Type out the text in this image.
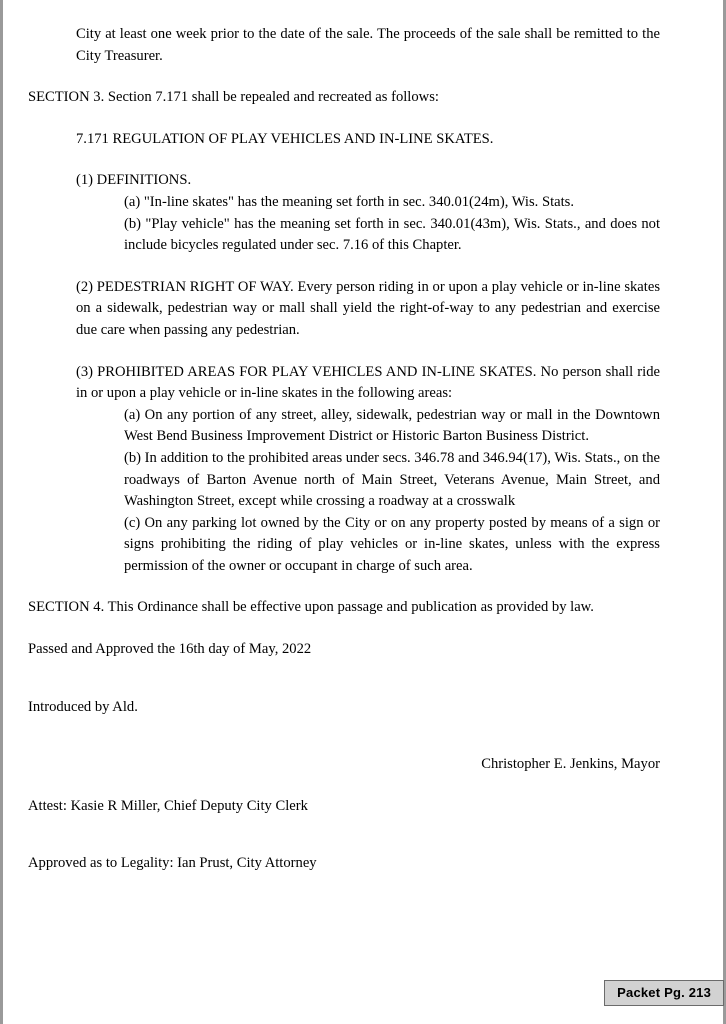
City at least one week prior to the date of the sale. The proceeds of the sale shall be remitted to the City Treasurer.

SECTION 3. Section 7.171 shall be repealed and recreated as follows:

7.171 REGULATION OF PLAY VEHICLES AND IN-LINE SKATES.

(1) DEFINITIONS.

(a) "In-line skates" has the meaning set forth in sec. 340.01(24m), Wis. Stats.

(b) "Play vehicle" has the meaning set forth in sec. 340.01(43m), Wis. Stats., and does not include bicycles regulated under sec. 7.16 of this Chapter.

(2) PEDESTRIAN RIGHT OF WAY. Every person riding in or upon a play vehicle or in-line skates on a sidewalk, pedestrian way or mall shall yield the right-of-way to any pedestrian and exercise due care when passing any pedestrian.

(3) PROHIBITED AREAS FOR PLAY VEHICLES AND IN-LINE SKATES. No person shall ride in or upon a play vehicle or in-line skates in the following areas:

(a) On any portion of any street, alley, sidewalk, pedestrian way or mall in the Downtown West Bend Business Improvement District or Historic Barton Business District.

(b) In addition to the prohibited areas under secs. 346.78 and 346.94(17), Wis. Stats., on the roadways of Barton Avenue north of Main Street, Veterans Avenue, Main Street, and Washington Street, except while crossing a roadway at a crosswalk

(c) On any parking lot owned by the City or on any property posted by means of a sign or signs prohibiting the riding of play vehicles or in-line skates, unless with the express permission of the owner or occupant in charge of such area.

SECTION 4. This Ordinance shall be effective upon passage and publication as provided by law.

Passed and Approved the 16th day of May, 2022

Introduced by Ald.

Christopher E. Jenkins, Mayor

Attest: Kasie R Miller, Chief Deputy City Clerk

Approved as to Legality: Ian Prust, City Attorney

Packet Pg. 213
